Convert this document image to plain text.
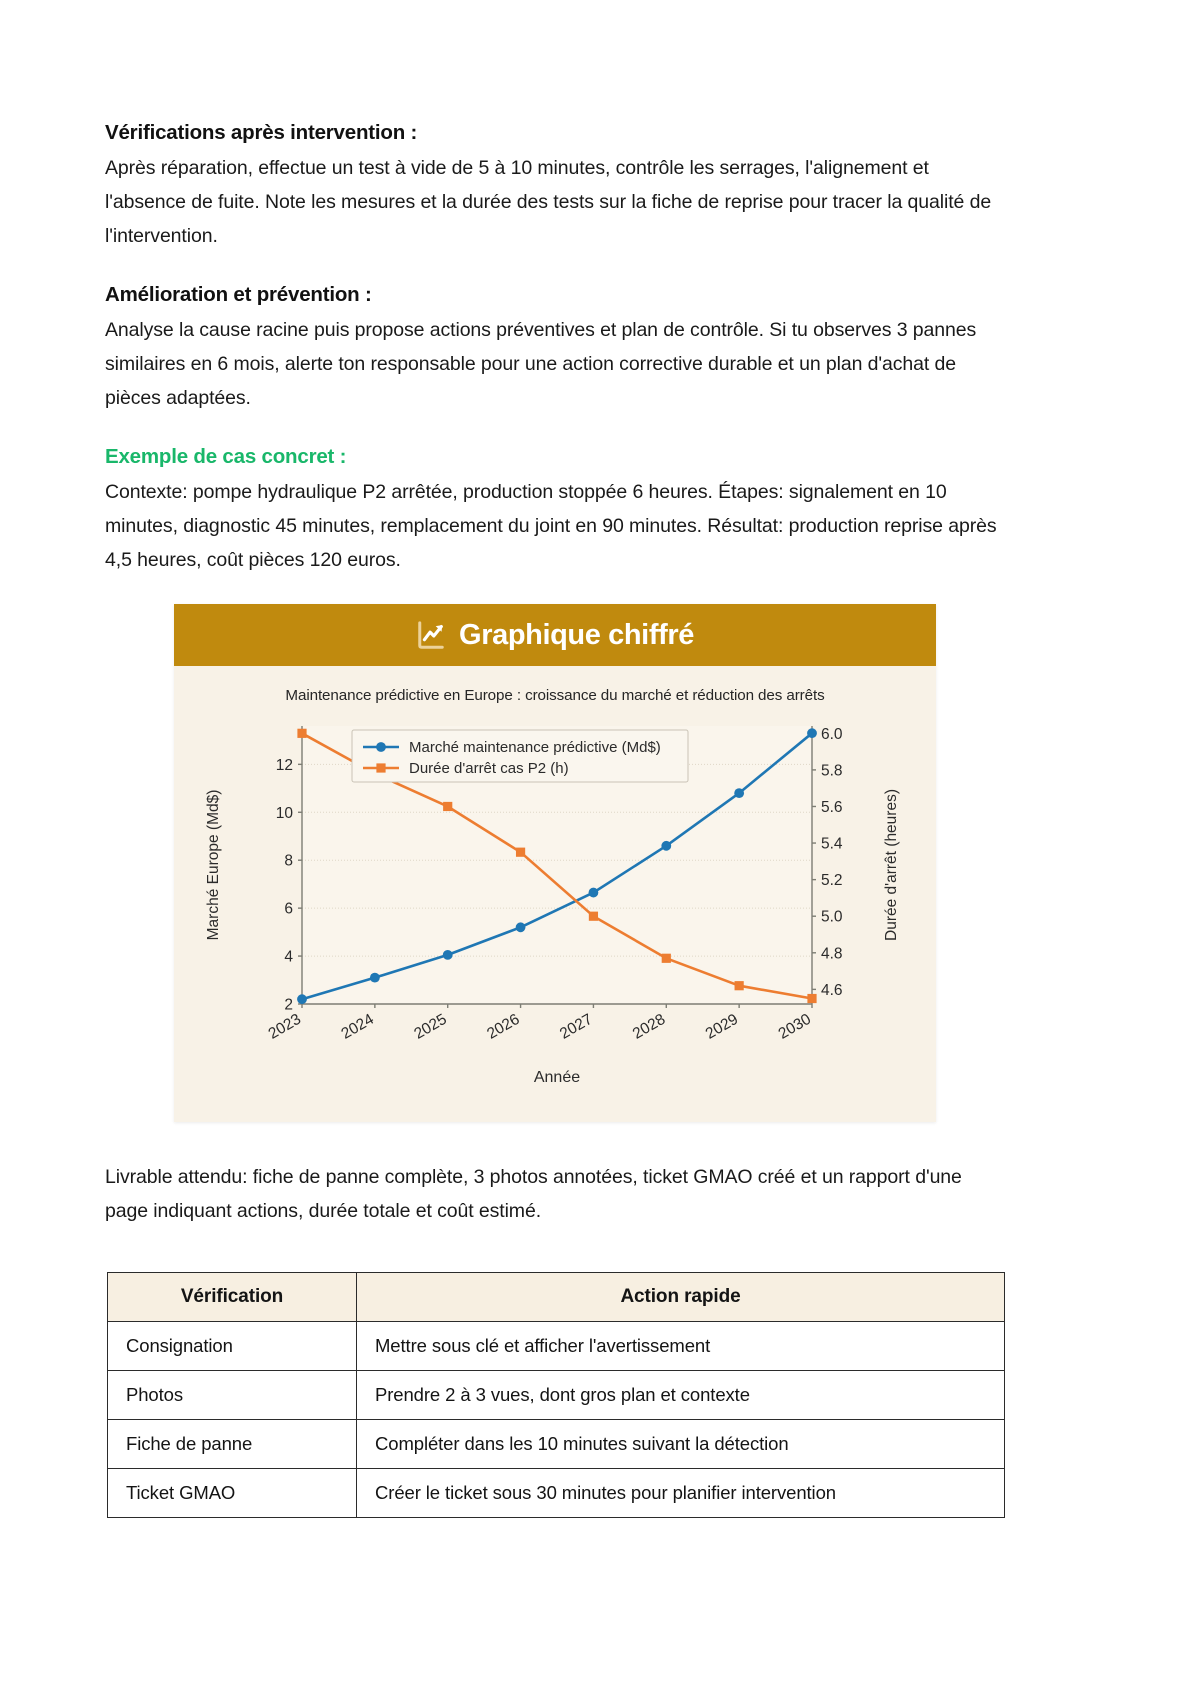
Vérifications après intervention :

Après réparation, effectue un test à vide de 5 à 10 minutes, contrôle les serrages, l'alignement et l'absence de fuite. Note les mesures et la durée des tests sur la fiche de reprise pour tracer la qualité de l'intervention.

Amélioration et prévention :

Analyse la cause racine puis propose actions préventives et plan de contrôle. Si tu observes 3 pannes similaires en 6 mois, alerte ton responsable pour une action corrective durable et un plan d'achat de pièces adaptées.

Exemple de cas concret :

Contexte: pompe hydraulique P2 arrêtée, production stoppée 6 heures. Étapes: signalement en 10 minutes, diagnostic 45 minutes, remplacement du joint en 90 minutes. Résultat: production reprise après 4,5 heures, coût pièces 120 euros.

Graphique chiffré
Maintenance prédictive en Europe : croissance du marché et réduction des arrêts
2
4
6
8
10
12
4.6
4.8
5.0
5.2
5.4
5.6
5.8
6.0
2023 2024 2025 2026 2027 2028 2029 2030
Marché Europe (Md$)	Durée d'arrêt (heures)
Année
Marché maintenance prédictive (Md$)
Durée d'arrêt cas P2 (h)

Livrable attendu: fiche de panne complète, 3 photos annotées, ticket GMAO créé et un rapport d'une page indiquant actions, durée totale et coût estimé.

Vérification	Action rapide
Consignation	Mettre sous clé et afficher l'avertissement
Photos	Prendre 2 à 3 vues, dont gros plan et contexte
Fiche de panne	Compléter dans les 10 minutes suivant la détection
Ticket GMAO	Créer le ticket sous 30 minutes pour planifier intervention
